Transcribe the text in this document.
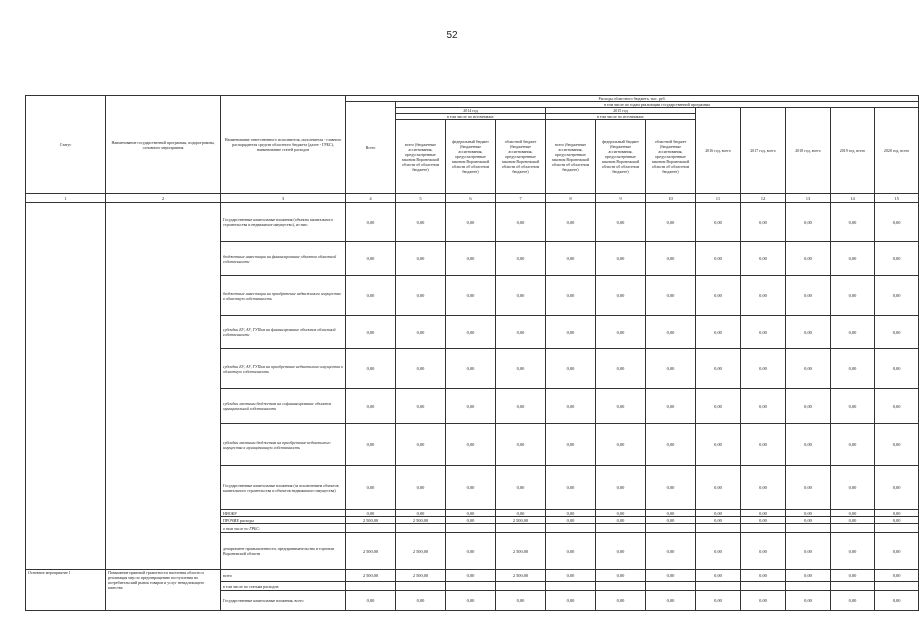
52
Статус	Наименование государственной программы, подпрограммы, основного мероприятия	Наименование ответственного исполнителя, исполнителя - главного распорядителя средств областного бюджета (далее - ГРБС), наименование статей расходов	Расходы областного бюджета, тыс. руб.											
			Всего	в том числе по годам реализации государственной программы										
				2014 год			2015 год			2016 год, всего	2017 год, всего	2018 год, всего	2019 год, всего	2020 год, всего
				в том числе по источникам:			в том числе по источникам:							
				всего (бюджетные ассигнования, предусмотренные законом Воронежской области об областном бюджете)	федеральный бюджет (бюджетные ассигнования, предусмотренные законом Воронежской области об областном бюджете)	областной бюджет (бюджетные ассигнования, предусмотренные законом Воронежской области об областном бюджете)	всего (бюджетные ассигнования, предусмотренные законом Воронежской области об областном бюджете)	федеральный бюджет (бюджетные ассигнования, предусмотренные законом Воронежской области об областном бюджете)	областной бюджет (бюджетные ассигнования, предусмотренные законом Воронежской области об областном бюджете)					
1	2	3	4	5	6	7	8	9	10	11	12	13	14	15
		Государственные капитальные вложения (объекты капитального строительства и недвижимое имущество), из них:	0,00	0,00	0,00	0,00	0,00	0,00	0,00	0,00	0,00	0,00	0,00	0,00
		бюджетные инвестиции на финансирование объектов областной собственности	0,00	0,00	0,00	0,00	0,00	0,00	0,00	0,00	0,00	0,00	0,00	0,00
		бюджетные инвестиции на приобретение недвижимого имущества в областную собственность	0,00	0,00	0,00	0,00	0,00	0,00	0,00	0,00	0,00	0,00	0,00	0,00
		субсидии БУ, АУ, ГУПам на финансирование объектов областной собственности	0,00	0,00	0,00	0,00	0,00	0,00	0,00	0,00	0,00	0,00	0,00	0,00
		субсидии БУ, АУ, ГУПам на приобретение недвижимого имущества в областную собственность	0,00	0,00	0,00	0,00	0,00	0,00	0,00	0,00	0,00	0,00	0,00	0,00
		субсидии местным бюджетам на софинансирование объектов муниципальной собственности	0,00	0,00	0,00	0,00	0,00	0,00	0,00	0,00	0,00	0,00	0,00	0,00
		субсидии местным бюджетам на приобретение недвижимого имущества в муниципальную собственность	0,00	0,00	0,00	0,00	0,00	0,00	0,00	0,00	0,00	0,00	0,00	0,00
		Государственные капитальные вложения (за исключением объектов капитального строительства и объектов недвижимого имущества)	0,00	0,00	0,00	0,00	0,00	0,00	0,00	0,00	0,00	0,00	0,00	0,00
		НИОКР	0,00	0,00	0,00	0,00	0,00	0,00	0,00	0,00	0,00	0,00	0,00	0,00
		ПРОЧИЕ расходы	2 500,00	2 500,00	0,00	2 500,00	0,00	0,00	0,00	0,00	0,00	0,00	0,00	0,00
		в том числе по ГРБС:												
		департамент промышленности, предпринимательства и торговли Воронежской области	2 500,00	2 500,00	0,00	2 500,00	0,00	0,00	0,00	0,00	0,00	0,00	0,00	0,00
Основное мероприятие 1	Повышение правовой грамотности населения области и реализация мер по предотвращению поступления на потребительский рынок товаров и услуг ненадлежащего качества	всего	2 500,00	2 500,00	0,00	2 500,00	0,00	0,00	0,00	0,00	0,00	0,00	0,00	0,00
		в том числе по статьям расходов:												
		Государственные капитальные вложения, всего	0,00	0,00	0,00	0,00	0,00	0,00	0,00	0,00	0,00	0,00	0,00	0,00
